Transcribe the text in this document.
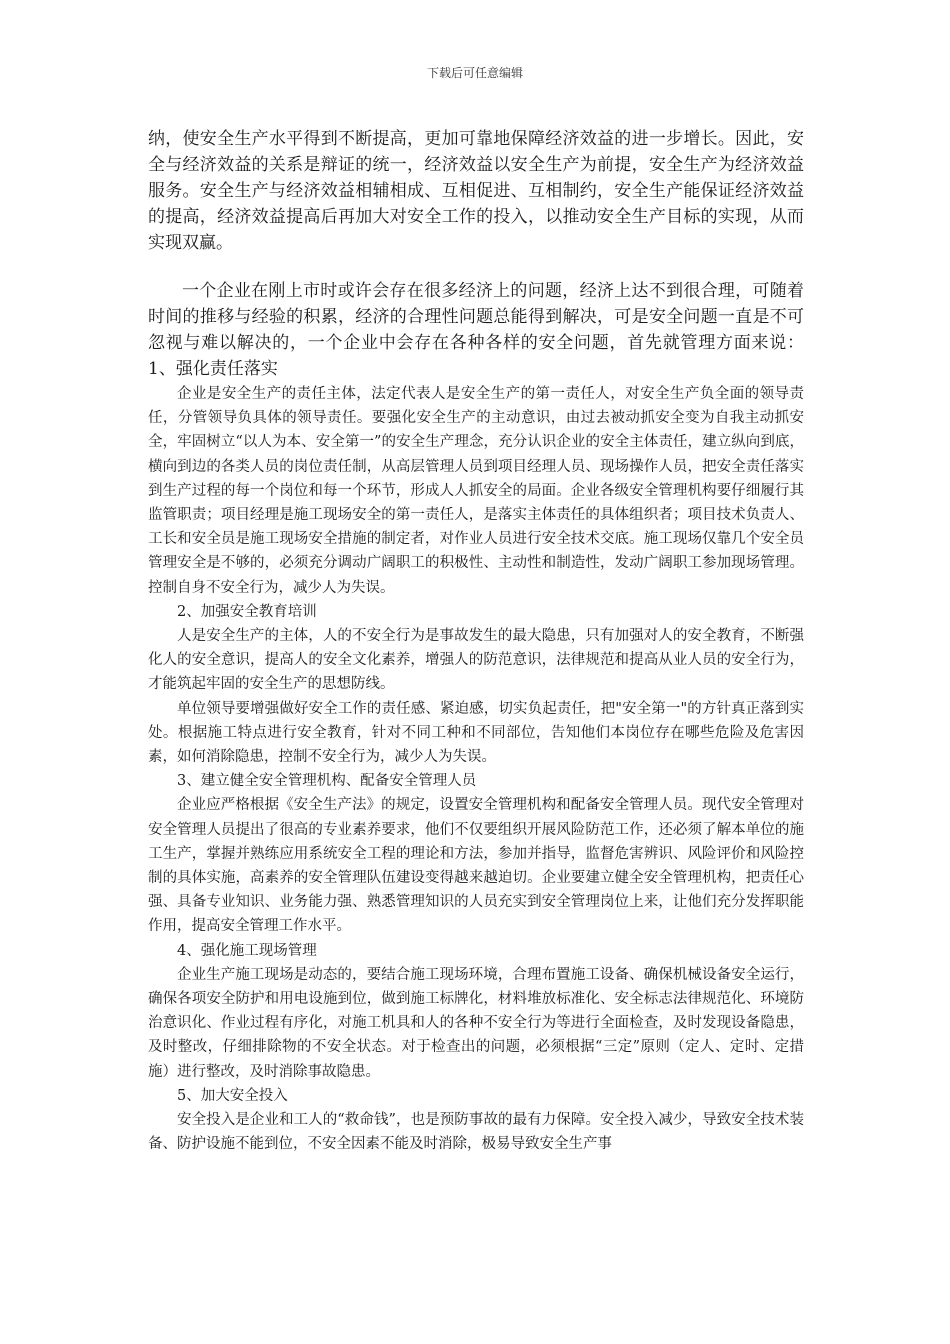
下载后可任意编辑

纳，使安全生产水平得到不断提高，更加可靠地保障经济效益的进一步增长。因此，安全与经济效益的关系是辩证的统一，经济效益以安全生产为前提，安全生产为经济效益服务。安全生产与经济效益相辅相成、互相促进、互相制约，安全生产能保证经济效益的提高，经济效益提高后再加大对安全工作的投入，以推动安全生产目标的实现，从而实现双赢。

一个企业在刚上市时或许会存在很多经济上的问题，经济上达不到很合理，可随着时间的推移与经验的积累，经济的合理性问题总能得到解决，可是安全问题一直是不可忽视与难以解决的，一个企业中会存在各种各样的安全问题，首先就管理方面来说：1、强化责任落实

企业是安全生产的责任主体，法定代表人是安全生产的第一责任人，对安全生产负全面的领导责任，分管领导负具体的领导责任。要强化安全生产的主动意识，由过去被动抓安全变为自我主动抓安全，牢固树立“以人为本、安全第一”的安全生产理念，充分认识企业的安全主体责任，建立纵向到底，横向到边的各类人员的岗位责任制，从高层管理人员到项目经理人员、现场操作人员，把安全责任落实到生产过程的每一个岗位和每一个环节，形成人人抓安全的局面。企业各级安全管理机构要仔细履行其监管职责；项目经理是施工现场安全的第一责任人，是落实主体责任的具体组织者；项目技术负责人、工长和安全员是施工现场安全措施的制定者，对作业人员进行安全技术交底。施工现场仅靠几个安全员管理安全是不够的，必须充分调动广阔职工的积极性、主动性和制造性，发动广阔职工参加现场管理。控制自身不安全行为，减少人为失误。

2、加强安全教育培训

人是安全生产的主体，人的不安全行为是事故发生的最大隐患，只有加强对人的安全教育，不断强化人的安全意识，提高人的安全文化素养，增强人的防范意识，法律规范和提高从业人员的安全行为，才能筑起牢固的安全生产的思想防线。

单位领导要增强做好安全工作的责任感、紧迫感，切实负起责任，把"安全第一"的方针真正落到实处。根据施工特点进行安全教育，针对不同工种和不同部位，告知他们本岗位存在哪些危险及危害因素，如何消除隐患，控制不安全行为，减少人为失误。

3、建立健全安全管理机构、配备安全管理人员

企业应严格根据《安全生产法》的规定，设置安全管理机构和配备安全管理人员。现代安全管理对安全管理人员提出了很高的专业素养要求，他们不仅要组织开展风险防范工作，还必须了解本单位的施工生产，掌握并熟练应用系统安全工程的理论和方法，参加并指导，监督危害辨识、风险评价和风险控制的具体实施，高素养的安全管理队伍建设变得越来越迫切。企业要建立健全安全管理机构，把责任心强、具备专业知识、业务能力强、熟悉管理知识的人员充实到安全管理岗位上来，让他们充分发挥职能作用，提高安全管理工作水平。

4、强化施工现场管理

企业生产施工现场是动态的，要结合施工现场环境，合理布置施工设备、确保机械设备安全运行，确保各项安全防护和用电设施到位，做到施工标牌化，材料堆放标准化、安全标志法律规范化、环境防治意识化、作业过程有序化，对施工机具和人的各种不安全行为等进行全面检查，及时发现设备隐患，及时整改，仔细排除物的不安全状态。对于检查出的问题，必须根据“三定”原则（定人、定时、定措施）进行整改，及时消除事故隐患。

5、加大安全投入

安全投入是企业和工人的“救命钱”，也是预防事故的最有力保障。安全投入减少，导致安全技术装备、防护设施不能到位，不安全因素不能及时消除，极易导致安全生产事
